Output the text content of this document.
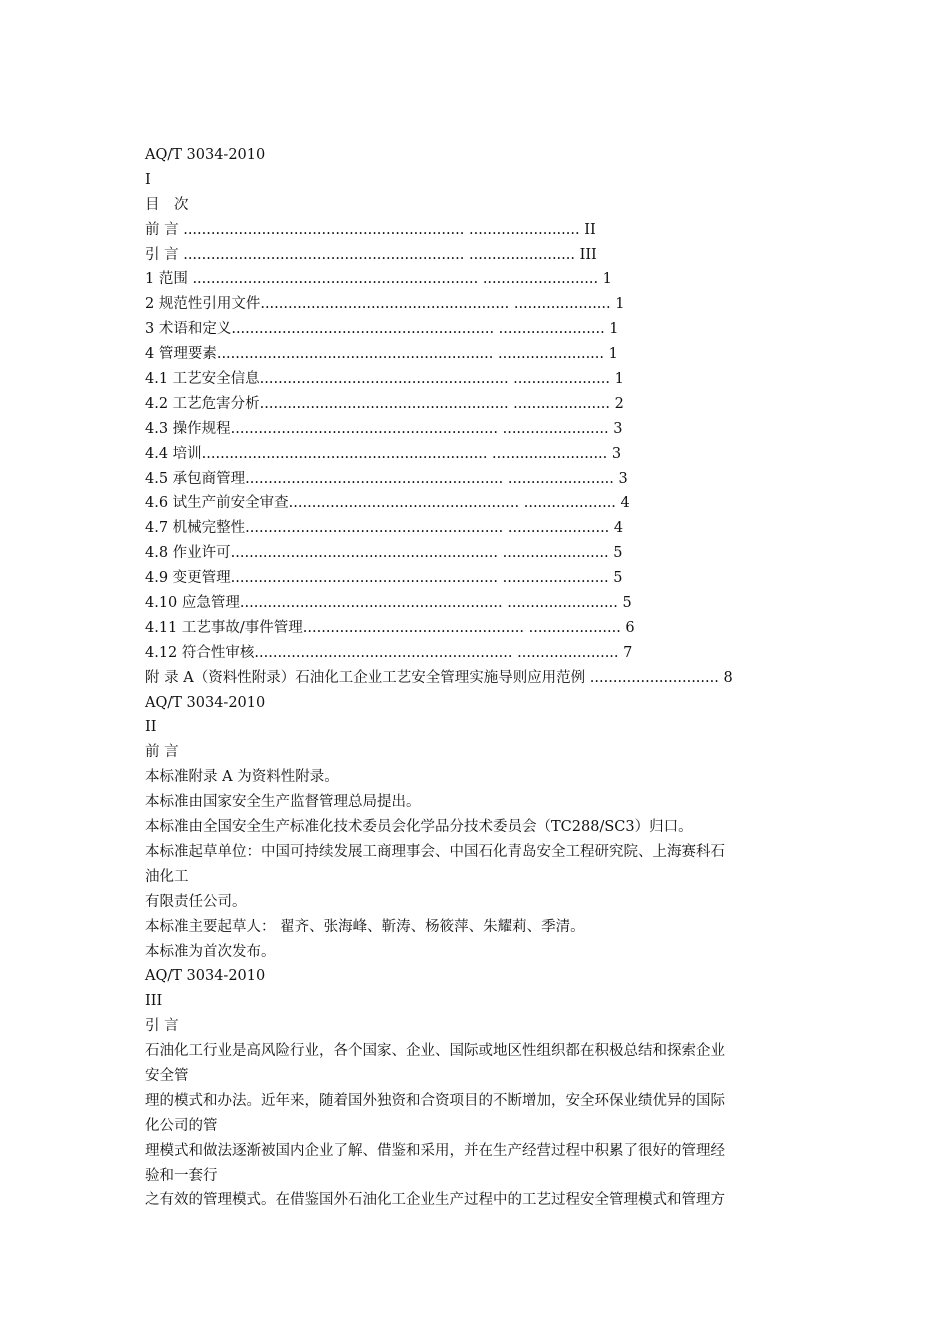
AQ/T 3034-2010
I
目　次
前 言 ............................................................. ........................ II
引 言 ............................................................. ....................... III
1 范围 .............................................................. ......................... 1
2 规范性引用文件...................................................... ..................... 1
3 术语和定义......................................................... ....................... 1
4 管理要素............................................................ ....................... 1
4.1 工艺安全信息...................................................... ..................... 1
4.2 工艺危害分析...................................................... ..................... 2
4.3 操作规程.......................................................... ....................... 3
4.4 培训.............................................................. ......................... 3
4.5 承包商管理........................................................ ....................... 3
4.6 试生产前安全审查.................................................. .................... 4
4.7 机械完整性........................................................ ...................... 4
4.8 作业许可.......................................................... ....................... 5
4.9 变更管理.......................................................... ....................... 5
4.10 应急管理......................................................... ........................ 5
4.11 工艺事故/事件管理................................................ .................... 6
4.12 符合性审核........................................................ ...................... 7
附 录 A（资料性附录）石油化工企业工艺安全管理实施导则应用范例 ............................ 8
AQ/T 3034-2010
II
前 言
本标准附录 A 为资料性附录。
本标准由国家安全生产监督管理总局提出。
本标准由全国安全生产标准化技术委员会化学品分技术委员会（TC288/SC3）归口。
本标准起草单位：中国可持续发展工商理事会、中国石化青岛安全工程研究院、上海赛科石
油化工
有限责任公司。
本标准主要起草人： 翟齐、张海峰、靳涛、杨筱萍、朱耀莉、季清。
本标准为首次发布。
AQ/T 3034-2010
III
引 言
石油化工行业是高风险行业，各个国家、企业、国际或地区性组织都在积极总结和探索企业
安全管
理的模式和办法。近年来，随着国外独资和合资项目的不断增加，安全环保业绩优异的国际
化公司的管
理模式和做法逐渐被国内企业了解、借鉴和采用，并在生产经营过程中积累了很好的管理经
验和一套行
之有效的管理模式。在借鉴国外石油化工企业生产过程中的工艺过程安全管理模式和管理方
